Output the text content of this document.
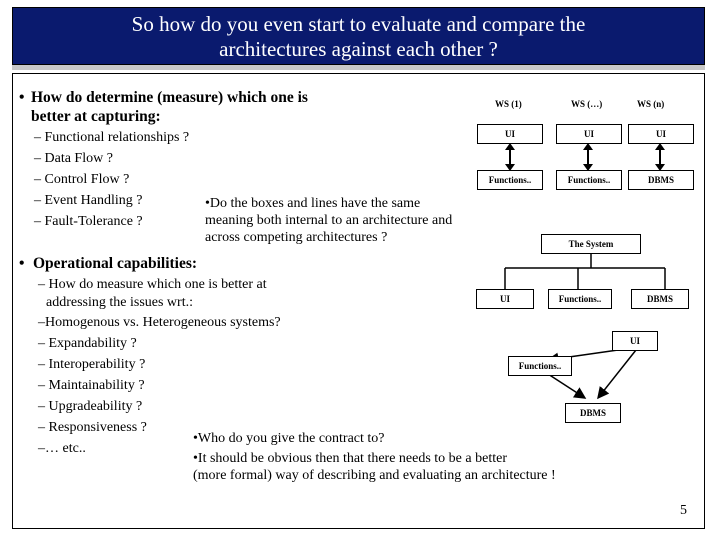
So how do you even start to evaluate and compare the
architectures against each other ?
• How do determine (measure) which one is
better at capturing:
– Functional relationships ?
– Data Flow ?
– Control Flow ?
– Event Handling ?
– Fault-Tolerance ?
•Do the boxes and lines have the same
meaning both internal to an architecture and
across competing architectures ?
• Operational capabilities:
– How do measure which one is better at
addressing the issues wrt.:
–Homogenous vs. Heterogeneous systems?
– Expandability ?
– Interoperability ?
– Maintainability ?
– Upgradeability ?
– Responsiveness ?
–… etc..
•Who do you give the contract to?
•It should be obvious then that there needs to be a better
(more formal) way of describing and evaluating an architecture !
WS (1)	WS (…)	WS (n)
UI	UI	UI
Functions..	Functions..	DBMS
The System
UI	Functions..	DBMS
UI
Functions..
DBMS
5
